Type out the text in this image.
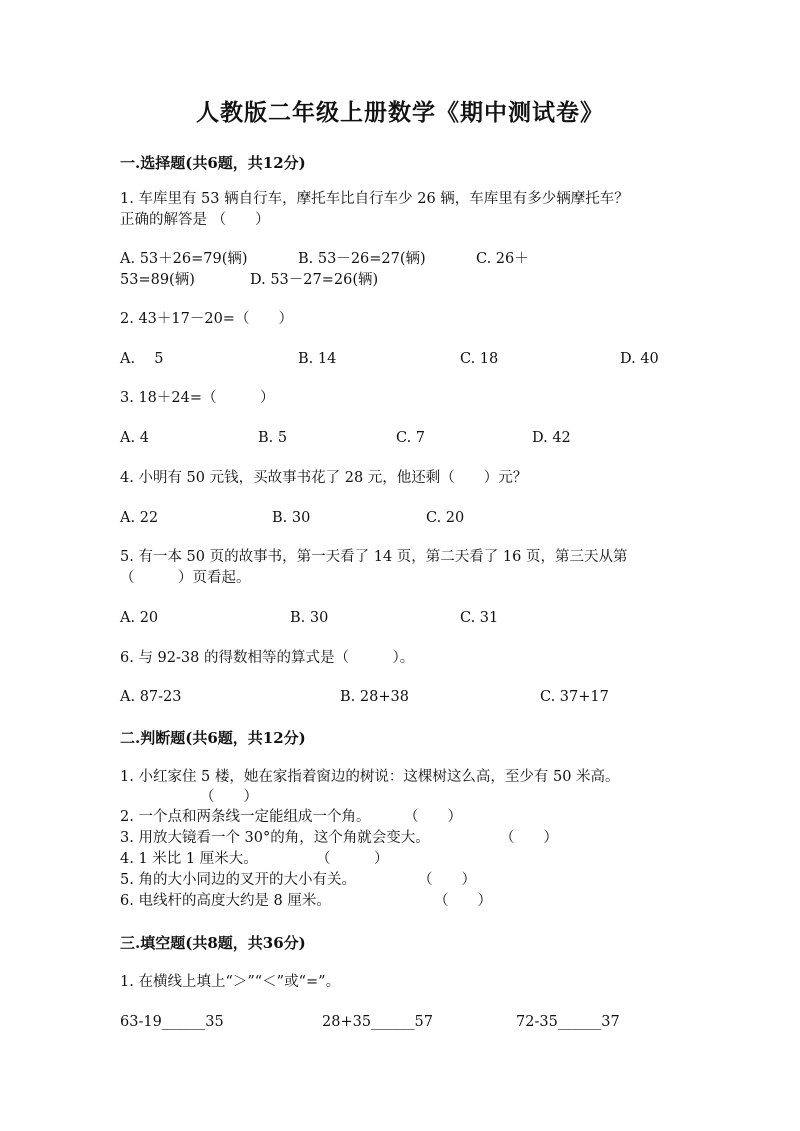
人教版二年级上册数学《期中测试卷》
一.选择题(共6题，共12分)
1. 车库里有 53 辆自行车，摩托车比自行车少 26 辆，车库里有多少辆摩托车？
正确的解答是 （　　）
A. 53＋26=79(辆)	B. 53－26=27(辆)	C. 26＋
53=89(辆)	D. 53－27=26(辆)
2. 43＋17－20=（　　）
A.　 5	B. 14	C. 18	D. 40
3. 18＋24=（　　　）
A. 4	B. 5	C. 7	D. 42
4. 小明有 50 元钱，买故事书花了 28 元，他还剩（　　）元？
A. 22	B. 30	C. 20
5. 有一本 50 页的故事书，第一天看了 14 页，第二天看了 16 页，第三天从第
（　　　）页看起。
A. 20	B. 30	C. 31
6. 与 92-38 的得数相等的算式是（　　　）。
A. 87-23	B. 28+38	C. 37+17
二.判断题(共6题，共12分)
1. 小红家住 5 楼，她在家指着窗边的树说：这棵树这么高，至少有 50 米高。
（　　）
2. 一个点和两条线一定能组成一个角。 （　　）
3. 用放大镜看一个 30°的角，这个角就会变大。	（　　）
4. 1 米比 1 厘米大。	（　　　）
5. 角的大小同边的叉开的大小有关。	（　　）
6. 电线杆的高度大约是 8 厘米。	（　　）
三.填空题(共8题，共36分)
1. 在横线上填上“＞”“＜”或“=”。
63-19______35	28+35______57	72-35______37
